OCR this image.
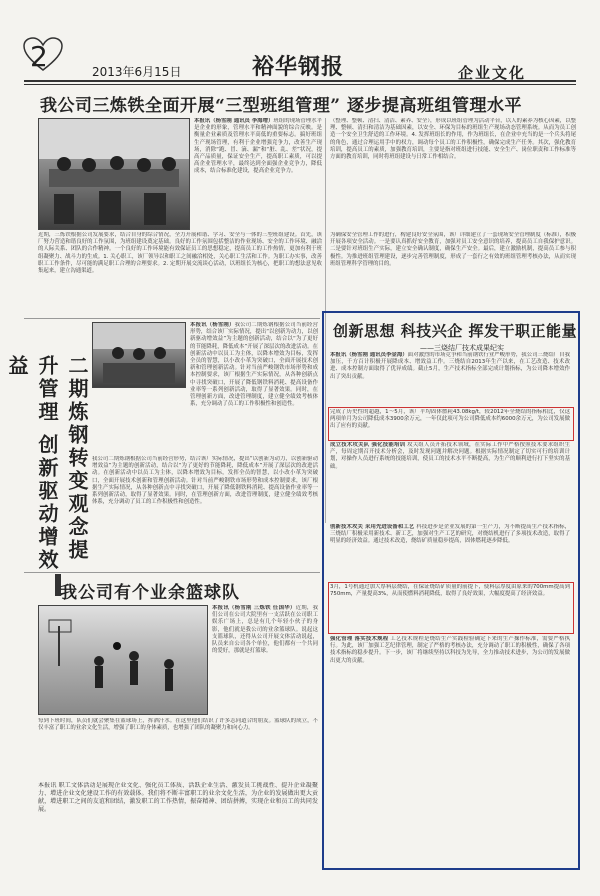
2	2013年6月15日	裕华钢报	企业文化
我公司三炼铁全面开展“三型班组管理” 逐步提高班组管理水平
本报讯（杨雪刚 通讯员 李海增）班组的现场管理水平是企业的形象，管理水平和精神面貌的综合反映。是衡量企业素质及管理水平高低的重要标志。搞好班组生产现场管理，有利于企业增强竞争力，改善生产现场，消除“跑、冒、滴、漏”和“脏、乱、差”状况，提高产品质量，保证安全生产，提高职工素质，可以提高企业管理水平，最终达到全面强企业竞争力，降低成本，结合标准化建设，提高企业竞争力。
近期，三炼铁根据公司发展要求，结合自身的综合情况，全力开展和谐、学习、安全与一体的三型班组建设。首先，该厂努力营造和谐良好的工作氛围，为班组建设奠定基础。良好的工作氛围包括整洁的作业现场、安全的工作环境、融洽的人际关系、团队的合作精神。一个良好的工作环境能有效保证员工的思想稳定，提高员工的工作热情，更加有利于班组凝聚力、战斗力的生成。1. 关心职工，该厂领导以和职工之间融洽相处，关心职工生活和工作。为职工办实事，改善职工工作条件，尽可能的满足职工合理的合理要求。2. 定期开展交流谈心活动，以班组长为核心，把职工的想法意见收集起来，建立沟通渠道。
（整理、整顿、清扫、清洁、素养、安全），形成以班组管理为活动平台，以人的素养为核心因素，以整理、整顿、清扫和清洁为基础因素，以安全、环保为目标的班组生产现场动态管理系统。从而为员工创造一个安全卫生舒适的工作环境。4. 发挥班组长的作用，作为班组长，在企业中充当的是一个兵头将尾的角色，通过合理运用手中的权力，调动每个员工的工作积极性，确保完成生产任务。其次，强化教育培训，提高员工的素质，加强教育培训，主要是指对班组进行技能、安全生产、岗位职责和工作标准等方面的教育培训，同时将班组建设与日常工作相结合。
为确保安全管理工作的进行，构建良好安全氛围，该厂详细建立了一套现场安全管理制度（标准），积极开展各项安全活动。一是要认真抓好安全教育，加强对员工安全意识的培养，提高员工自我保护意识。二是要针对班组生产实际，建立安全确认制度，确保生产安全。最后，建立激励机制，提高员工参与积极性。为推进班组管理建设，逐步完善管理制度，形成了一套行之有效的班组管理考核办法，从而实现班组管理科学管理的目的。
二期炼钢转变观念提升管理 创新驱动增效益
本报讯（杨雪刚）我公司二期炼钢根据公司当前经营形势，结合该厂实际情况，提出“以创新为动力，以创新驱动增效益”为主题的创新活动，结合以“为了更好的节能降耗，降低成本”开展了深层次的改进活动。在创新活动中以员工为主体，以降本增效为目标，发挥全员的智慧，以小改小革为突破口，全面开展技术创新和管理创新活动。针对当前严峻钢铁市场形势和成本控制要求，该厂根据生产实际情况，从各种创新点中寻找突破口，开展了降低钢铁料消耗、提高设备作业率等一系列创新活动，取得了显著效果。同时，在管理创新方面，改进管理制度，建立健全绩效考核体系，充分调动了员工的工作积极性和创造性。
我公司二期炼钢根据公司当前经营形势，结合该厂实际情况，提出“以创新为动力，以创新驱动增效益”为主题的创新活动，结合以“为了更好的节能降耗，降低成本”开展了深层次的改进活动。在创新活动中以员工为主体，以降本增效为目标，发挥全员的智慧，以小改小革为突破口，全面开展技术创新和管理创新活动。针对当前严峻钢铁市场形势和成本控制要求，该厂根据生产实际情况，从各种创新点中寻找突破口，开展了降低钢铁料消耗、提高设备作业率等一系列创新活动，取得了显著效果。同时，在管理创新方面，改进管理制度，建立健全绩效考核体系，充分调动了员工的工作积极性和创造性。
创新思想 科技兴企 挥发干职正能量
——三烧结厂技术成果纪实
本报讯（杨雪刚 通讯员李金海）面对激烈的市场竞争和当前钢铁行业严峻形势，我公司三烧结厂自我加压，千方百计积极开展降成本、增效益工作。三烧结自2013年生产以来，在工艺改造、技术改进、成本控制方面取得了优异成绩。截止5月，生产技术指标全部完成计划指标，为公司降本增效作出了突出贡献。
完成了历史性的超越，1～5月，该厂平均固体燃耗43.08kg/t，较2012年全烧结的指标相比，仅这两项单月为公司降低成本3900余万元，一年仅此项可为公司降低成本约6000余万元，为公司发展做出了应有的贡献。
成立技术攻关队 强化技能培训 攻关组人员开拓技术领域，在实际工作中严格按照技术要求组织生产，每周定期召开技术分析会，及时发现问题并解决问题。根据实际情况制定了切实可行的培训计划，对操作人员进行系统的技能培训，使员工的技术水平不断提高，为生产的顺利进行打下坚实的基础。
创新技术攻关 采用先进设备和工艺 科技进步是企业发展的第一生产力，为不断提高生产技术指标，三烧结厂积极采用新技术、新工艺，加强对生产工艺的研究，对烧结机进行了多项技术改造，取得了明显的经济效益。通过技术改造，烧结矿质量稳步提高，固体燃耗逐步降低。
3月，1号机通过加大厚料层烧结，在保证烧结矿质量的前提下，使料层厚度由原来的700mm提高到750mm，产量提高3%，从而使燃料消耗降低，取得了良好效果，大幅度提高了经济效益。
强化管理 落实技术规程 工艺技术规程是烧结生产实践检验确定下来的生产操作标准，需要严格执行。为此，该厂加强工艺纪律管理，制定了严格的考核办法，充分调动了职工的积极性，确保了各项技术指标的稳步提升。下一步，该厂将继续坚持以科技为先导，全力推动技术进步，为公司的发展做出更大的贡献。
我公司有个业余篮球队
本报讯（杨雪刚 三炼铁 任国华）近期，我们公司在公司大院里有一支活跃在公司职工娱乐广场上，总是有几个年轻小伙子的身影，他们就是我公司的业余篮球队。说起这支篮球队，还得从公司开展文体活动说起，队员来自公司各个单位，他们都有一个共同的爱好，那就是打篮球。
每到下班时间，队员们就会聚集在篮球场上，挥洒汗水。在这里他们结识了许多志同道合的朋友。篮球队的成立，不仅丰富了职工的业余文化生活，增强了职工的身体素质，也增强了团队的凝聚力和向心力。
本报讯 职工文体活动是展现企业文化、强化员工体质、活跃企业生活、激发员工挑战性、提升企业凝聚力、增进企业文化建设工作的有效载体。我们将不断丰富职工的业余文化生活，为企业的发展做出更大贡献，增进职工之间的友谊和团结，激发职工的工作热情，振奋精神、团结拼搏，实现企业和员工的共同发展。
